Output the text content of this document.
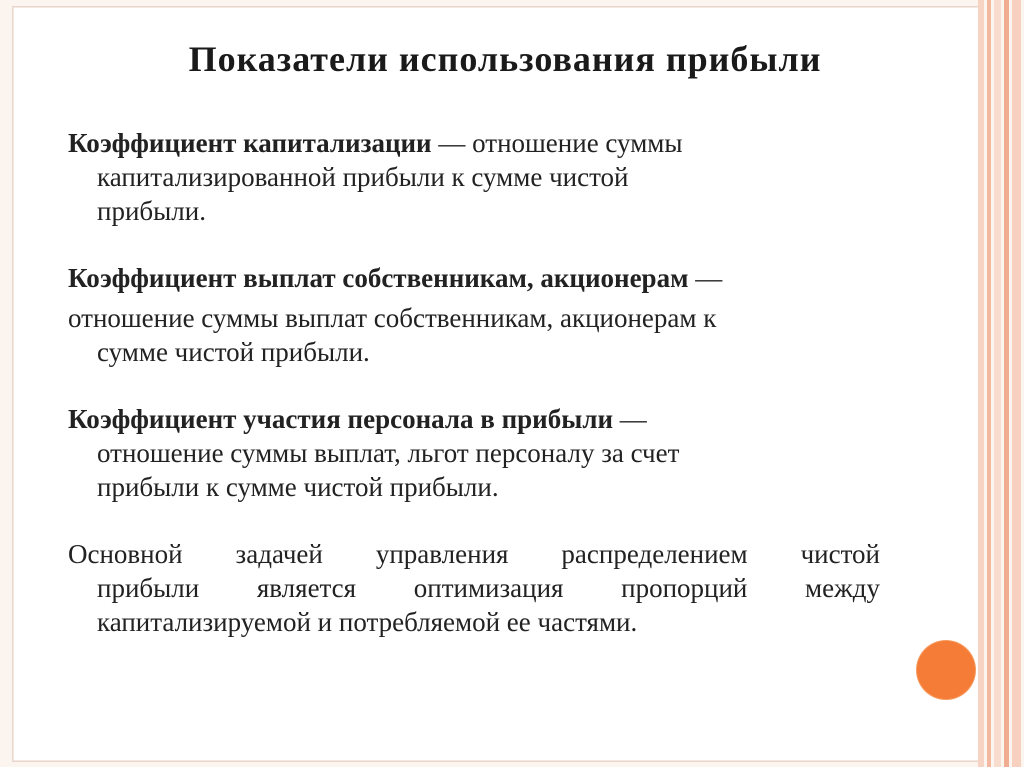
Показатели использования прибыли
Коэффициент капитализации — отношение суммы
капитализированной прибыли к сумме чистой
прибыли.
Коэффициент выплат собственникам, акционерам —
отношение суммы выплат собственникам, акционерам к
сумме чистой прибыли.
Коэффициент участия персонала в прибыли —
отношение суммы выплат, льгот персоналу за счет
прибыли к сумме чистой прибыли.
Основной задачей управления распределением чистой
прибыли является оптимизация пропорций между
капитализируемой и потребляемой ее частями.
